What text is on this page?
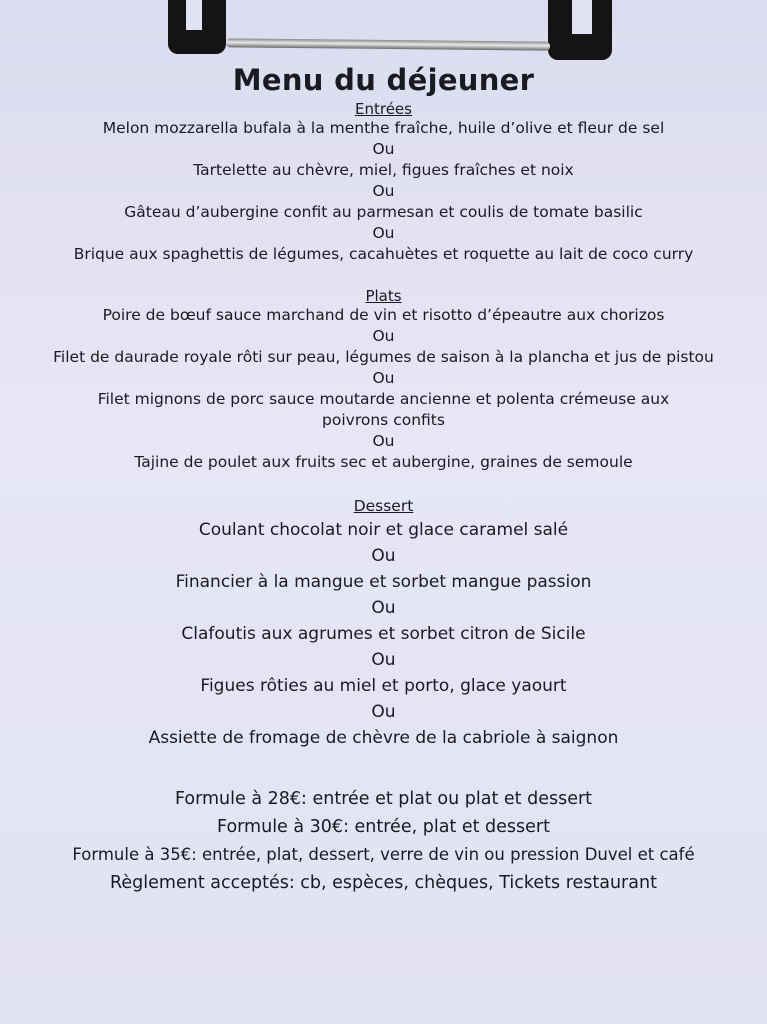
Menu du déjeuner

Entrées

Melon mozzarella bufala à la menthe fraîche, huile d’olive et fleur de sel

Ou

Tartelette au chèvre, miel, figues fraîches et noix

Ou

Gâteau d’aubergine confit au parmesan et coulis de tomate basilic

Ou

Brique aux spaghettis de légumes, cacahuètes et roquette au lait de coco curry

Plats

Poire de bœuf sauce marchand de vin et risotto d’épeautre aux chorizos

Ou

Filet de daurade royale rôti sur peau, légumes de saison à la plancha et jus de pistou

Ou

Filet mignons de porc sauce moutarde ancienne et polenta crémeuse aux poivrons confits

Ou

Tajine de poulet aux fruits sec et aubergine, graines de semoule

Dessert

Coulant chocolat noir et glace caramel salé

Ou

Financier à la mangue et sorbet mangue passion

Ou

Clafoutis aux agrumes et sorbet citron de Sicile

Ou

Figues rôties au miel et porto, glace yaourt

Ou

Assiette de fromage de chèvre de la cabriole à saignon

Formule à 28€: entrée et plat ou plat et dessert

Formule à 30€: entrée, plat et dessert

Formule à 35€: entrée, plat, dessert, verre de vin ou pression Duvel et café

Règlement acceptés: cb, espèces, chèques, Tickets restaurant
